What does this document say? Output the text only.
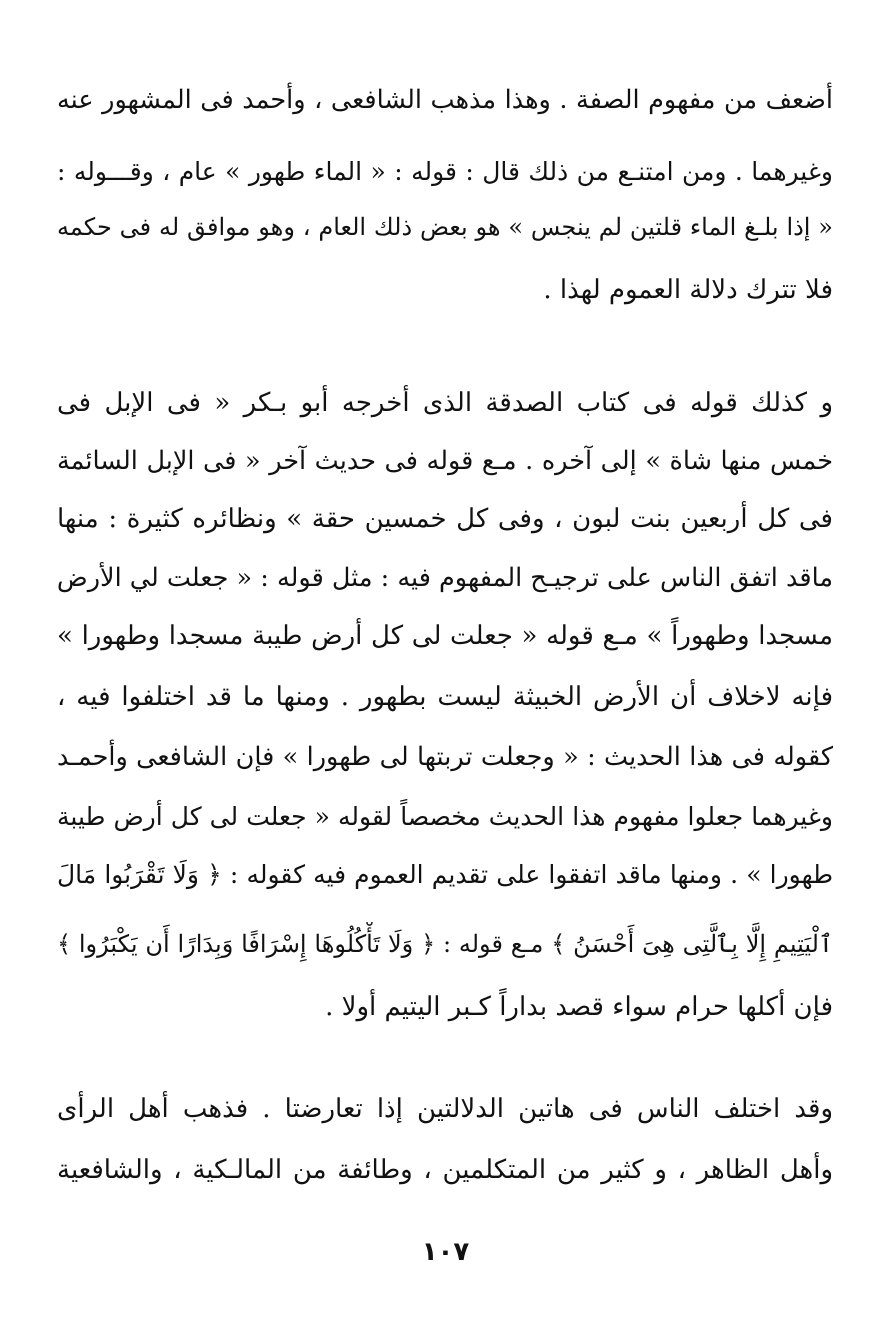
أضعف من مفهوم الصفة . وهذا مذهب الشافعى ، وأحمد فى المشهور عنه
وغيرهما . ومن امتنـع من ذلك قال : قوله : « الماء طهور » عام ، وقـــوله :
« إذا بلـغ الماء قلتين لم ينجس » هو بعض ذلك العام ، وهو موافق له فى حكمه
فلا تترك دلالة العموم لهذا .
و كذلك قوله فى كتاب الصدقة الذى أخرجه أبو بـكر « فى الإبل فى
خمس منها شاة » إلى آخره . مـع قوله فى حديث آخر « فى الإبل السائمة
فى كل أربعين بنت لبون ، وفى كل خمسين حقة » ونظائره كثيرة : منها
ماقد اتفق الناس على ترجيـح المفهوم فيه : مثل قوله : « جعلت لي الأرض
مسجدا وطهوراً » مـع قوله « جعلت لى كل أرض طيبة مسجدا وطهورا »
فإنه لاخلاف أن الأرض الخبيثة ليست بطهور . ومنها ما قد اختلفوا فيه ،
كقوله فى هذا الحديث : « وجعلت تربتها لى طهورا » فإن الشافعى وأحمـد
وغيرهما جعلوا مفهوم هذا الحديث مخصصاً لقوله « جعلت لى كل أرض طيبة
طهورا » . ومنها ماقد اتفقوا على تقديم العموم فيه كقوله : ﴿ وَلَا تَقْرَبُوا مَالَ
ٱلْيَتِيمِ إِلَّا بِٱلَّتِى هِىَ أَحْسَنُ ﴾ مـع قوله : ﴿ وَلَا تَأْكُلُوهَا إِسْرَافًا وَبِدَارًا أَن يَكْبَرُوا ﴾
فإن أكلها حرام سواء قصد بداراً كـبر اليتيم أولا .
وقد اختلف الناس فى هاتين الدلالتين إذا تعارضتا . فذهب أهل الرأى
وأهل الظاهر ، و كثير من المتكلمين ، وطائفة من المالـكية ، والشافعية
١٠٧
